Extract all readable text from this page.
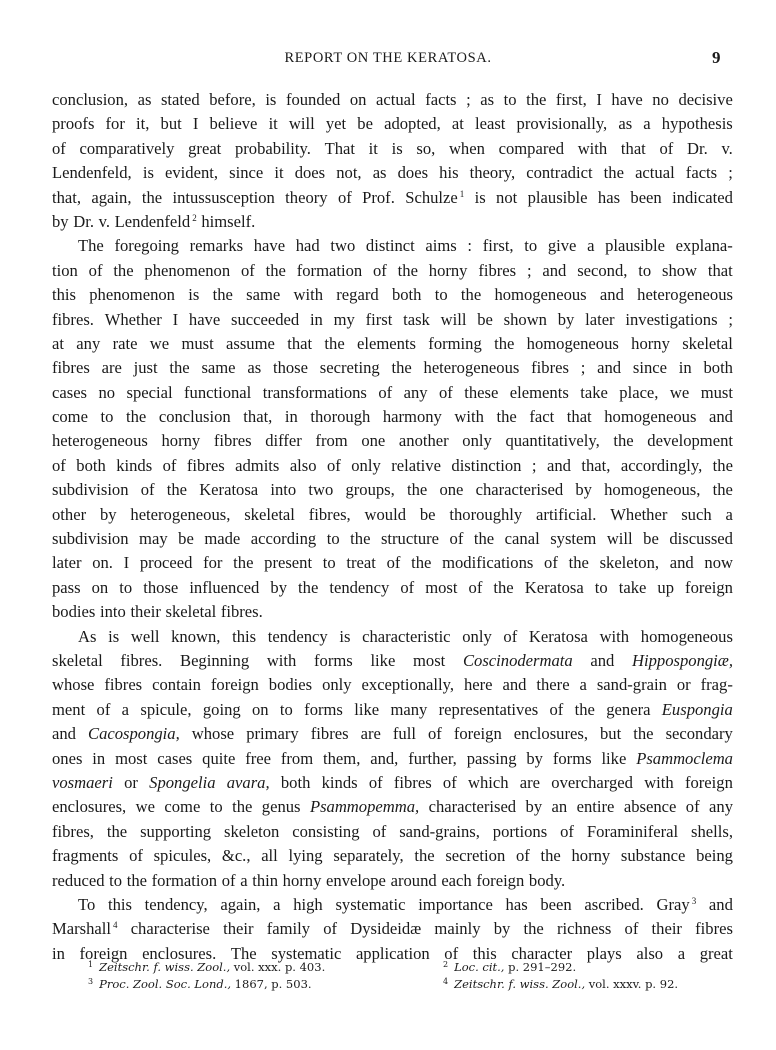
REPORT ON THE KERATOSA.	9
conclusion, as stated before, is founded on actual facts ; as to the first, I have no decisive
proofs for it, but I believe it will yet be adopted, at least provisionally, as a hypothesis
of comparatively great probability. That it is so, when compared with that of Dr. v.
Lendenfeld, is evident, since it does not, as does his theory, contradict the actual facts ;
that, again, the intussusception theory of Prof. Schulze $^1$ is not plausible has been indicated
by Dr. v. Lendenfeld $^2$ himself.
The foregoing remarks have had two distinct aims : first, to give a plausible explana-
tion of the phenomenon of the formation of the horny fibres ; and second, to show that
this phenomenon is the same with regard both to the homogeneous and heterogeneous
fibres. Whether I have succeeded in my first task will be shown by later investigations ;
at any rate we must assume that the elements forming the homogeneous horny skeletal
fibres are just the same as those secreting the heterogeneous fibres ; and since in both
cases no special functional transformations of any of these elements take place, we must
come to the conclusion that, in thorough harmony with the fact that homogeneous and
heterogeneous horny fibres differ from one another only quantitatively, the development
of both kinds of fibres admits also of only relative distinction ; and that, accordingly, the
subdivision of the Keratosa into two groups, the one characterised by homogeneous, the
other by heterogeneous, skeletal fibres, would be thoroughly artificial. Whether such a
subdivision may be made according to the structure of the canal system will be discussed
later on. I proceed for the present to treat of the modifications of the skeleton, and now
pass on to those influenced by the tendency of most of the Keratosa to take up foreign
bodies into their skeletal fibres.
As is well known, this tendency is characteristic only of Keratosa with homogeneous
skeletal fibres. Beginning with forms like most Coscinodermata and Hippospongiæ,
whose fibres contain foreign bodies only exceptionally, here and there a sand-grain or frag-
ment of a spicule, going on to forms like many representatives of the genera Euspongia
and Cacospongia, whose primary fibres are full of foreign enclosures, but the secondary
ones in most cases quite free from them, and, further, passing by forms like Psammoclema
vosmaeri or Spongelia avara, both kinds of fibres of which are overcharged with foreign
enclosures, we come to the genus Psammopemma, characterised by an entire absence of any
fibres, the supporting skeleton consisting of sand-grains, portions of Foraminiferal shells,
fragments of spicules, &c., all lying separately, the secretion of the horny substance being
reduced to the formation of a thin horny envelope around each foreign body.
To this tendency, again, a high systematic importance has been ascribed. Gray $^3$ and
Marshall $^4$ characterise their family of Dysideidæ mainly by the richness of their fibres
in foreign enclosures. The systematic application of this character plays also a great
$^1$ Zeitschr. f. wiss. Zool., vol. xxx. p. 403.
$^3$ Proc. Zool. Soc. Lond., 1867, p. 503.
$^2$ Loc. cit., p. 291–292.
$^4$ Zeitschr. f. wiss. Zool., vol. xxxv. p. 92.
